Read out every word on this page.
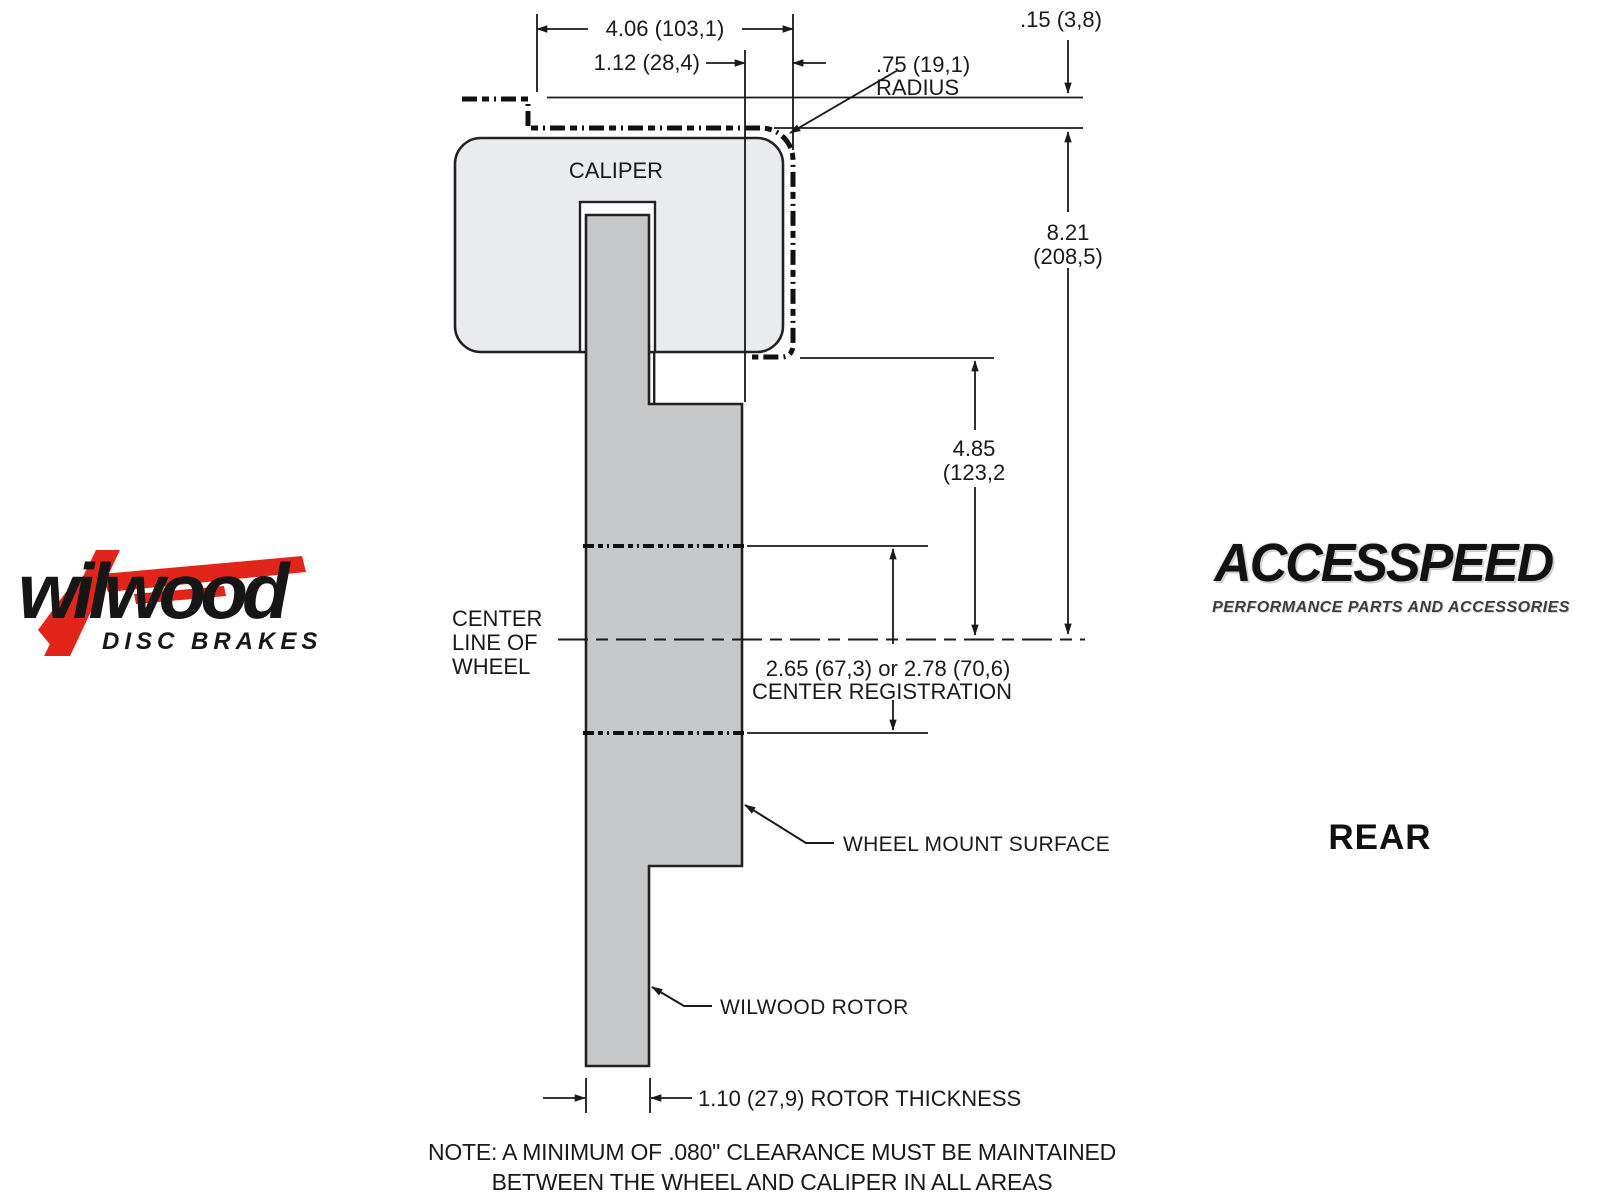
CALIPER
4.06 (103,1)
1.12 (28,4)
.15 (3,8)
.75 (19,1)
RADIUS
8.21
(208,5)
4.85
(123,2
2.65 (67,3) or 2.78 (70,6)
CENTER REGISTRATION
CENTER
LINE OF
WHEEL
WHEEL MOUNT SURFACE
WILWOOD ROTOR
1.10 (27,9) ROTOR THICKNESS
NOTE: A MINIMUM OF .080" CLEARANCE MUST BE MAINTAINED
BETWEEN THE WHEEL AND CALIPER IN ALL AREAS
wilwood
DISC BRAKES
ACCESSPEED
PERFORMANCE PARTS AND ACCESSORIES
REAR
